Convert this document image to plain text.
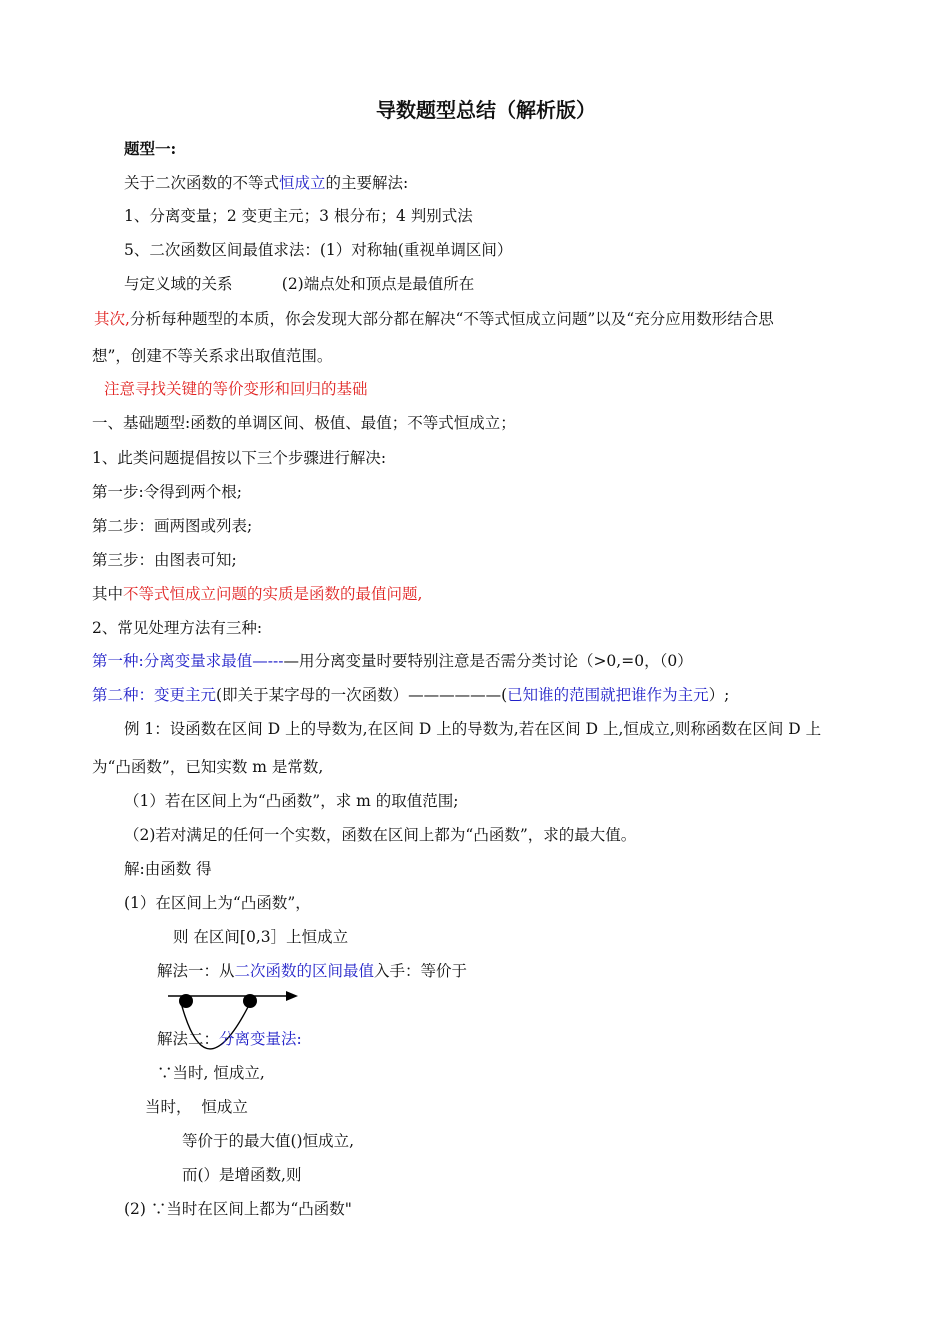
导数题型总结（解析版）
题型一:
关于二次函数的不等式恒成立的主要解法:
1、分离变量；2 变更主元；3 根分布；4 判别式法
5、二次函数区间最值求法：(1）对称轴(重视单调区间）
与定义域的关系          (2)端点处和顶点是最值所在
其次,分析每种题型的本质，你会发现大部分都在解决“不等式恒成立问题”以及“充分应用数形结合思
想”，创建不等关系求出取值范围。
注意寻找关键的等价变形和回归的基础
一、基础题型:函数的单调区间、极值、最值；不等式恒成立；
1、此类问题提倡按以下三个步骤进行解决:
第一步:令得到两个根;
第二步：画两图或列表;
第三步：由图表可知;
其中不等式恒成立问题的实质是函数的最值问题,
2、常见处理方法有三种:
第一种:分离变量求最值—---—用分离变量时要特别注意是否需分类讨论（>0,=0，（0）
第二种：变更主元(即关于某字母的一次函数）——————(已知谁的范围就把谁作为主元）;
例 1：设函数在区间 D 上的导数为,在区间 D 上的导数为,若在区间 D 上,恒成立,则称函数在区间 D 上
为“凸函数”，已知实数 m 是常数,
（1）若在区间上为“凸函数”，求 m 的取值范围;
（2)若对满足的任何一个实数，函数在区间上都为“凸函数”，求的最大值。
解:由函数 得
(1）在区间上为“凸函数”，
则 在区间[0,3］上恒成立
解法一：从二次函数的区间最值入手：等价于
解法二：分离变量法:
∵当时, 恒成立,
当时，  恒成立
等价于的最大值()恒成立,
而(）是增函数,则
(2) ∵当时在区间上都为“凸函数"
